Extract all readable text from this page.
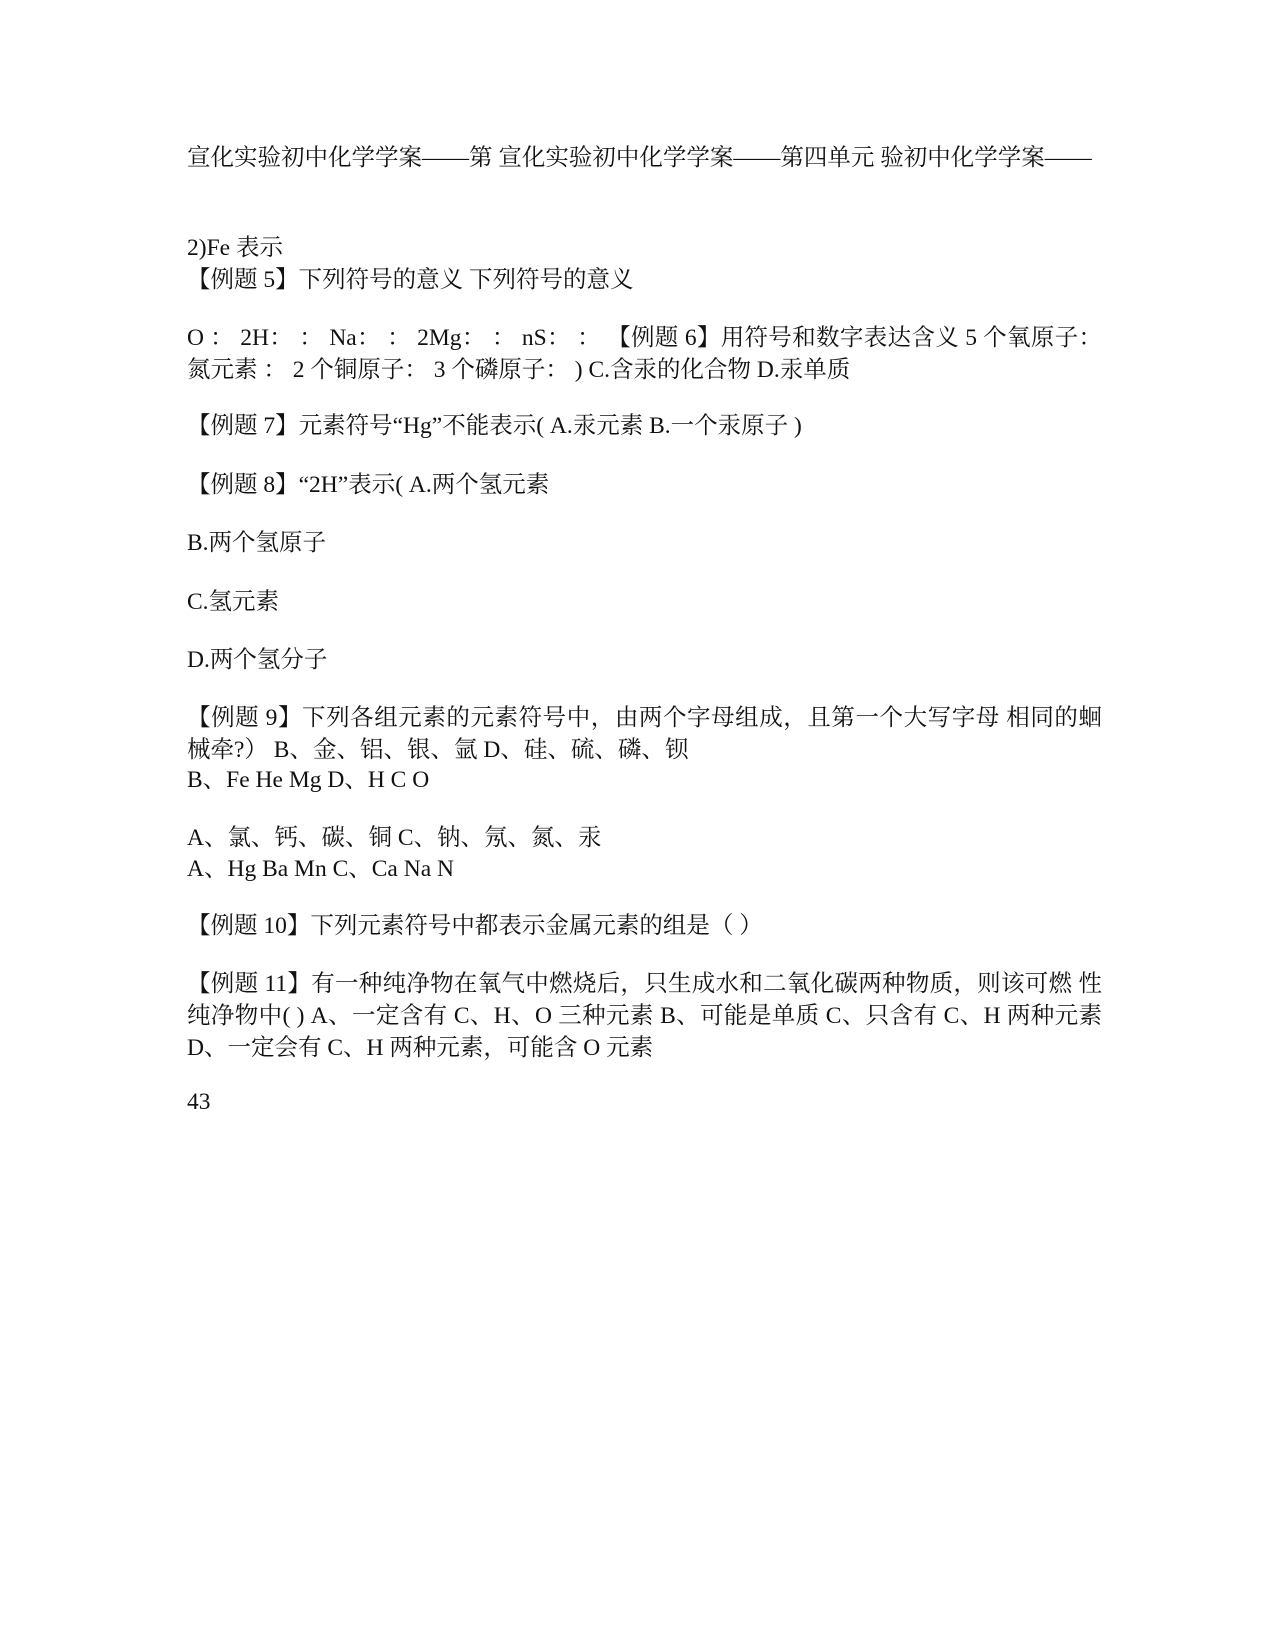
宣化实验初中化学学案——第 宣化实验初中化学学案——第四单元 验初中化学学案——
2)Fe 表示
【例题 5】下列符号的意义 下列符号的意义
O ： 2H： ： Na： ： 2Mg： ： nS： ： 【例题 6】用符号和数字表达含义 5 个氧原子： 氮元素 ： 2 个铜原子： 3 个磷原子： ) C.含汞的化合物 D.汞单质
【例题 7】元素符号“Hg”不能表示( A.汞元素 B.一个汞原子 )
【例题 8】“2H”表示( A.两个氢元素
B.两个氢原子
C.氢元素
D.两个氢分子
【例题 9】下列各组元素的元素符号中，由两个字母组成，且第一个大写字母 相同的蛔械牵?） B、金、铝、银、氩 D、硅、硫、磷、钡
B、Fe He Mg D、H C O
A、氯、钙、碳、铜 C、钠、氖、氮、汞
A、Hg Ba Mn C、Ca Na N
【例题 10】下列元素符号中都表示金属元素的组是（ ）
【例题 11】有一种纯净物在氧气中燃烧后，只生成水和二氧化碳两种物质，则该可燃 性纯净物中( ) A、一定含有 C、H、O 三种元素 B、可能是单质 C、只含有 C、H 两种元素 D、一定会有 C、H 两种元素，可能含 O 元素
43
